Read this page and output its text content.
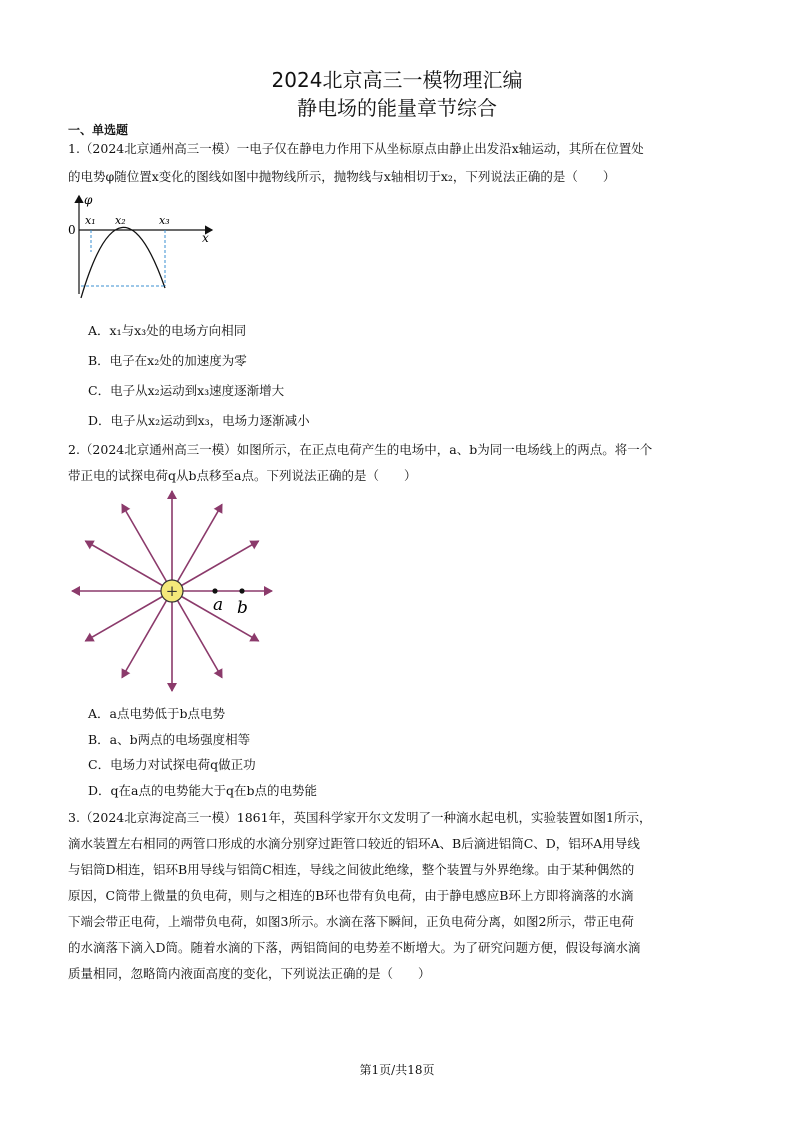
2024北京高三一模物理汇编
静电场的能量章节综合
一、单选题
1.（2024北京通州高三一模）一电子仅在静电力作用下从坐标原点由静止出发沿x轴运动，其所在位置处
的电势φ随位置x变化的图线如图中抛物线所示，抛物线与x轴相切于x₂，下列说法正确的是（　　）
φ
0
x
x₁ x₂	x₃
A．x₁与x₃处的电场方向相同
B．电子在x₂处的加速度为零
C．电子从x₂运动到x₃速度逐渐增大
D．电子从x₂运动到x₃，电场力逐渐减小
2.（2024北京通州高三一模）如图所示，在正点电荷产生的电场中，a、b为同一电场线上的两点。将一个
带正电的试探电荷q从b点移至a点。下列说法正确的是（　　）
+
a b
A．a点电势低于b点电势
B．a、b两点的电场强度相等
C．电场力对试探电荷q做正功
D．q在a点的电势能大于q在b点的电势能
3.（2024北京海淀高三一模）1861年，英国科学家开尔文发明了一种滴水起电机，实验装置如图1所示，
滴水装置左右相同的两管口形成的水滴分别穿过距管口较近的铝环A、B后滴进铝筒C、D，铝环A用导线
与铝筒D相连，铝环B用导线与铝筒C相连，导线之间彼此绝缘，整个装置与外界绝缘。由于某种偶然的
原因，C筒带上微量的负电荷，则与之相连的B环也带有负电荷，由于静电感应B环上方即将滴落的水滴
下端会带正电荷，上端带负电荷，如图3所示。水滴在落下瞬间，正负电荷分离，如图2所示，带正电荷
的水滴落下滴入D筒。随着水滴的下落，两铝筒间的电势差不断增大。为了研究问题方便，假设每滴水滴
质量相同，忽略筒内液面高度的变化，下列说法正确的是（　　）
第1页/共18页
